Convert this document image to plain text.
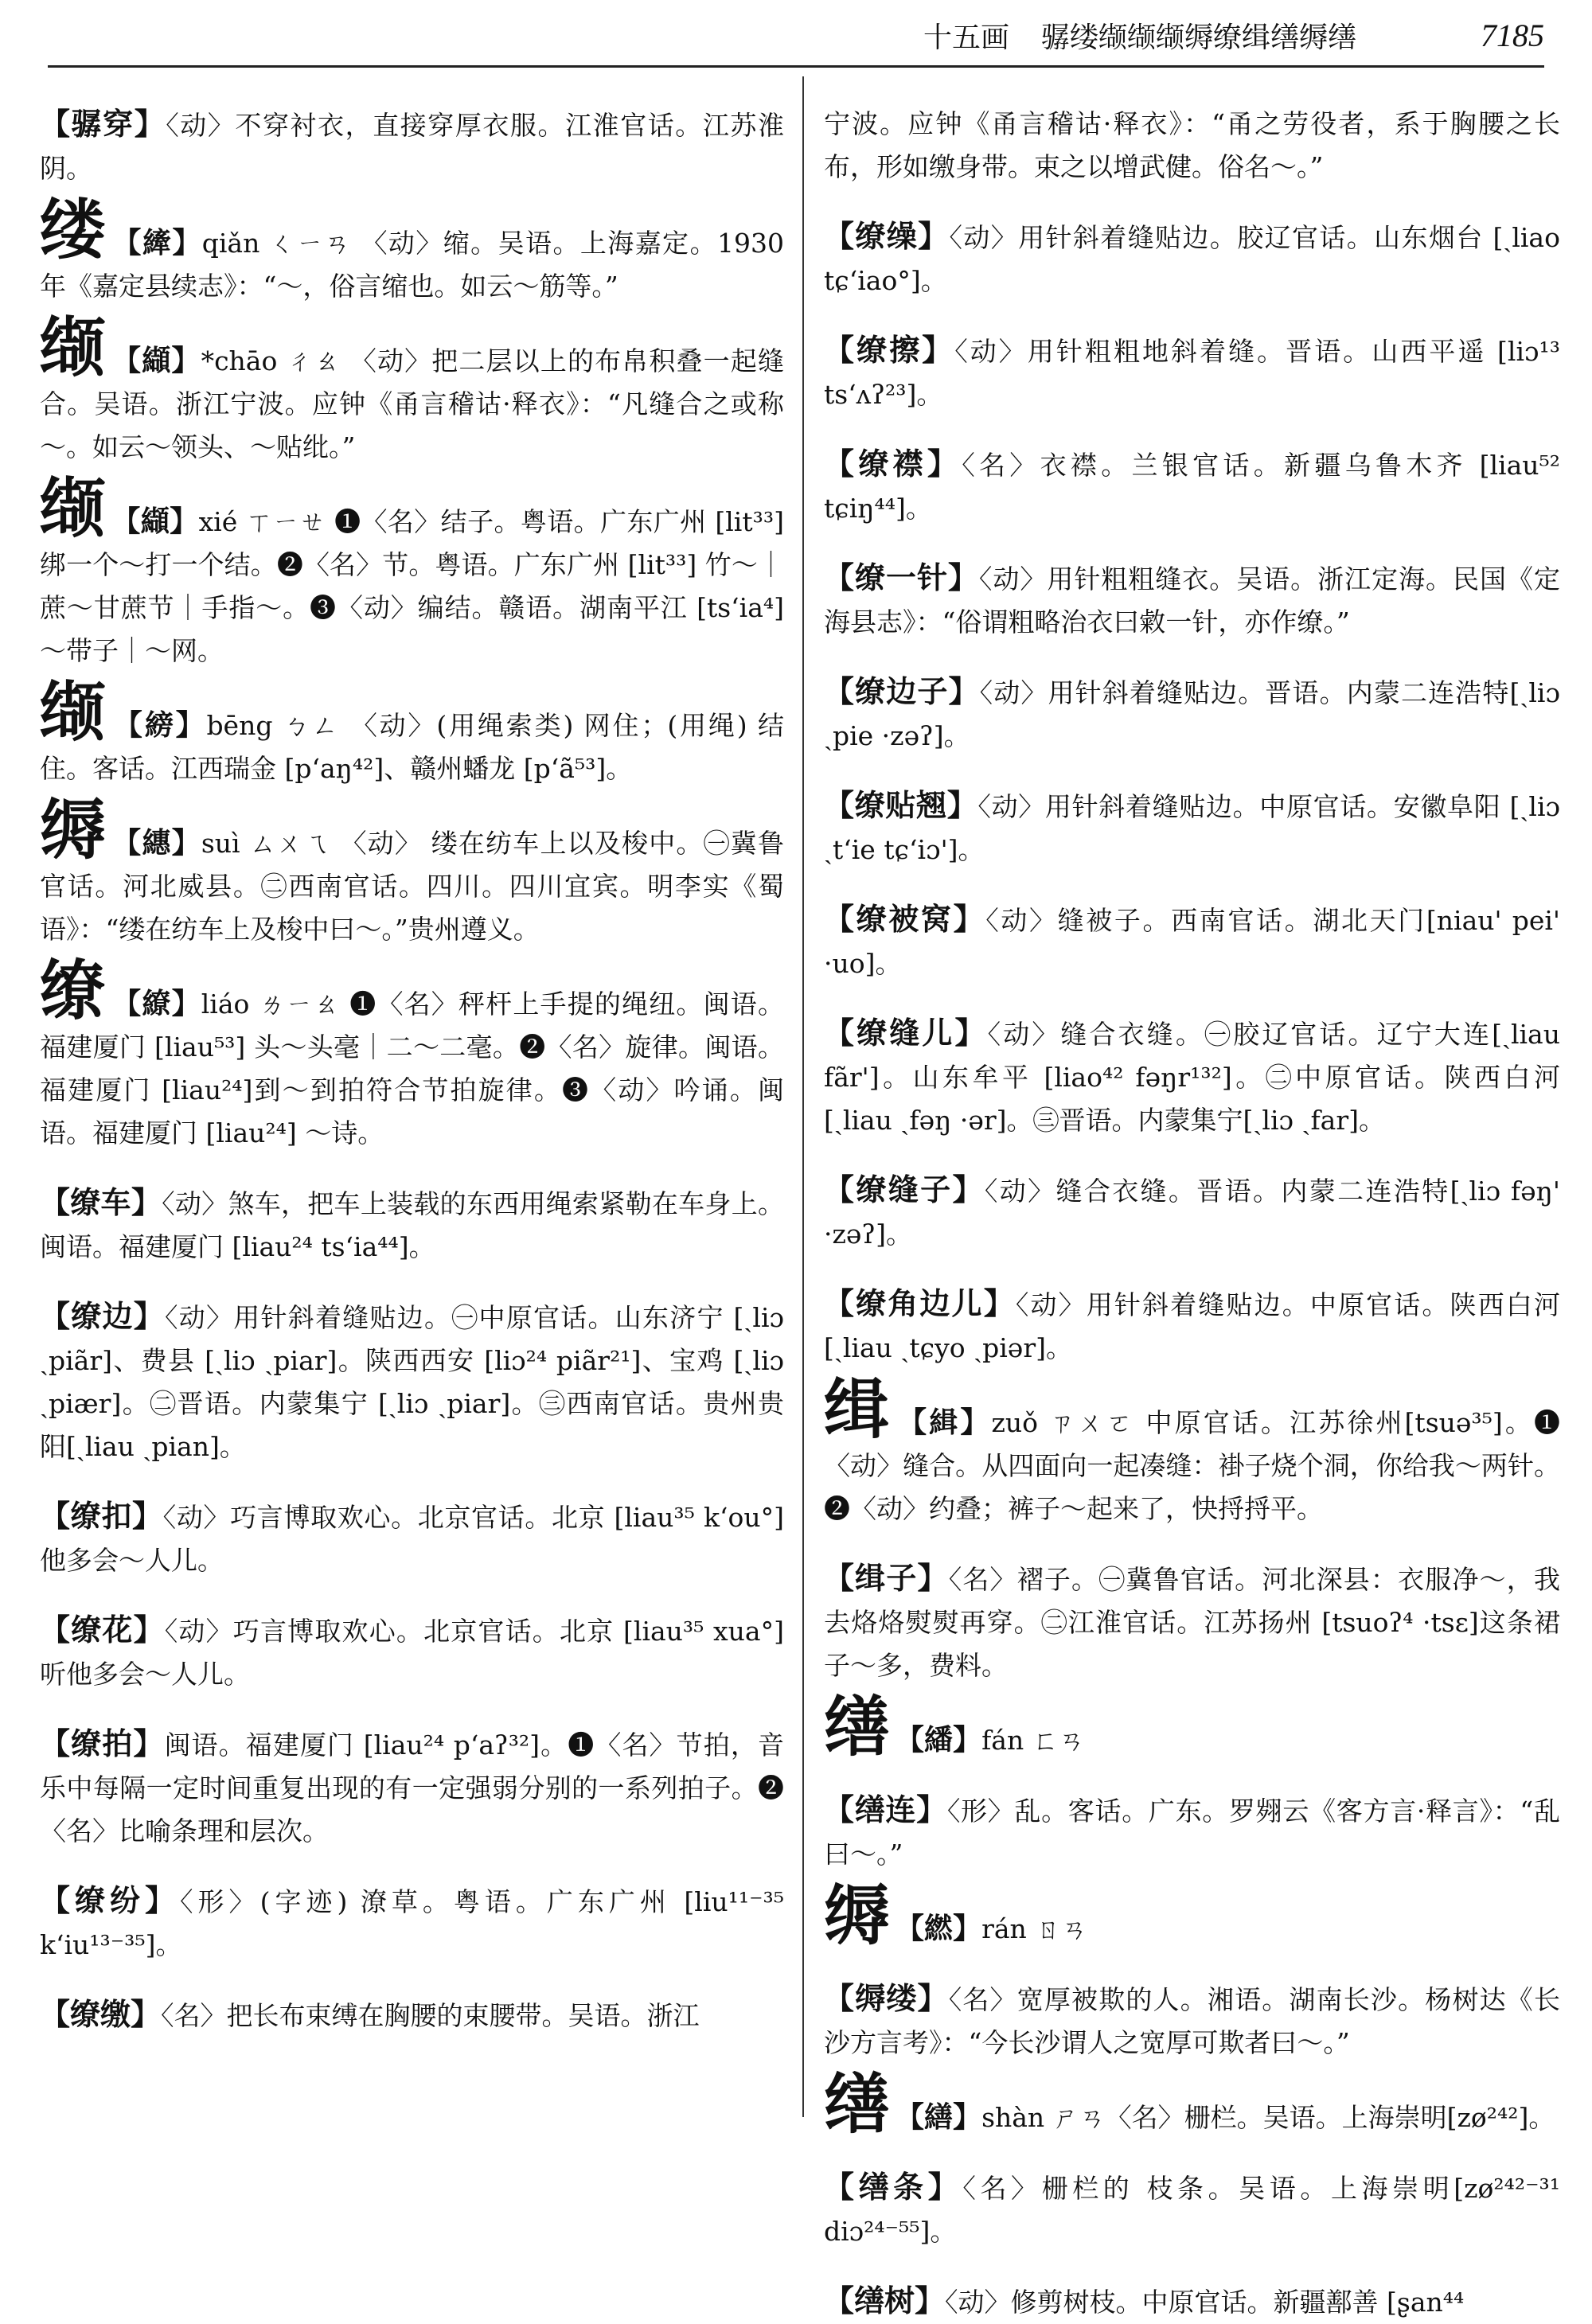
十五画 骣缕缬缬缬缛缭缉缮缛缮	7185

【骣穿】〈动〉不穿衬衣，直接穿厚衣服。江淮官话。江苏淮阴。

缕 【縴】qiǎn ㄑㄧㄢ 〈动〉缩。吴语。上海嘉定。1930年《嘉定县续志》：“～，俗言缩也。如云～筋等。”

缬 【纈】*chāo ㄔㄠ 〈动〉把二层以上的布帛积叠一起缝合。吴语。浙江宁波。应钟《甬言稽诂·释衣》：“凡缝合之或称～。如云～领头、～贴纰。”

缬 【纈】xié ㄒㄧㄝ ❶〈名〉结子。粤语。广东广州 [lit³³] 绑一个～打一个结。❷〈名〉节。粤语。广东广州 [lit³³] 竹～｜蔗～甘蔗节｜手指～。❸〈动〉编结。赣语。湖南平江 [tsʻia⁴] ～带子｜～网。

缬 【縍】bēng ㄅㄥ 〈动〉(用绳索类) 网住；(用绳) 结住。客话。江西瑞金 [pʻaŋ⁴²]、赣州蟠龙 [pʻã⁵³]。

缛 【繐】suì ㄙㄨㄟ 〈动〉 缕在纺车上以及梭中。㊀冀鲁官话。河北威县。㊁西南官话。四川。四川宜宾。明李实《蜀语》：“缕在纺车上及梭中曰～。”贵州遵义。

缭 【繚】liáo ㄌㄧㄠ ❶〈名〉秤杆上手提的绳纽。闽语。福建厦门 [liau⁵³] 头～头毫｜二～二毫。❷〈名〉旋律。闽语。福建厦门 [liau²⁴]到～到拍符合节拍旋律。❸〈动〉吟诵。闽语。福建厦门 [liau²⁴] ～诗。

【缭车】〈动〉煞车，把车上装载的东西用绳索紧勒在车身上。闽语。福建厦门 [liau²⁴ tsʻia⁴⁴]。

【缭边】〈动〉用针斜着缝贴边。㊀中原官话。山东济宁 [ˏliɔ ˏpiãr]、费县 [ˏliɔ ˏpiar]。陕西西安 [liɔ²⁴ piãr²¹]、宝鸡 [ˏliɔ ˏpiær]。㊁晋语。内蒙集宁 [ˏliɔ ˏpiar]。㊂西南官话。贵州贵阳[ˏliau ˏpian]。

【缭扣】〈动〉巧言博取欢心。北京官话。北京 [liau³⁵ kʻou°] 他多会～人儿。

【缭花】〈动〉巧言博取欢心。北京官话。北京 [liau³⁵ xua°] 听他多会～人儿。

【缭拍】闽语。福建厦门 [liau²⁴ pʻaʔ³²]。❶〈名〉节拍，音乐中每隔一定时间重复出现的有一定强弱分别的一系列拍子。❷〈名〉比喻条理和层次。

【缭纷】〈形〉(字迹) 潦草。粤语。广东广州 [liu¹¹⁻³⁵ kʻiu¹³⁻³⁵]。

【缭缴】〈名〉把长布束缚在胸腰的束腰带。吴语。浙江

宁波。应钟《甬言稽诂·释衣》：“甬之劳役者，系于胸腰之长布，形如缴身带。束之以增武健。俗名～。”

【缭缲】〈动〉用针斜着缝贴边。胶辽官话。山东烟台 [ˏliao tɕʻiao°]。

【缭擦】〈动〉用针粗粗地斜着缝。晋语。山西平遥 [liɔ¹³ tsʻʌʔ²³]。

【缭襟】〈名〉衣襟。兰银官话。新疆乌鲁木齐 [liau⁵² tɕiŋ⁴⁴]。

【缭一针】〈动〉用针粗粗缝衣。吴语。浙江定海。民国《定海县志》：“俗谓粗略治衣曰敹一针，亦作缭。”

【缭边子】〈动〉用针斜着缝贴边。晋语。内蒙二连浩特[ˏliɔ ˏpie ·zəʔ]。

【缭贴翘】〈动〉用针斜着缝贴边。中原官话。安徽阜阳 [ˏliɔ ˏtʻie tɕʻiɔ']。

【缭被窝】〈动〉缝被子。西南官话。湖北天门[niau' pei' ·uo]。

【缭缝儿】〈动〉缝合衣缝。㊀胶辽官话。辽宁大连[ˏliau fãr']。山东牟平 [liao⁴² fəŋr¹³²]。㊁中原官话。陕西白河[ˏliau ˏfəŋ ·ər]。㊂晋语。内蒙集宁[ˏliɔ ˏfar]。

【缭缝子】〈动〉缝合衣缝。晋语。内蒙二连浩特[ˏliɔ fəŋ' ·zəʔ]。

【缭角边儿】〈动〉用针斜着缝贴边。中原官话。陕西白河[ˏliau ˏtɕyo ˏpiər]。

缉 【緝】zuǒ ㄗㄨㄛ 中原官话。江苏徐州[tsuə³⁵]。❶〈动〉缝合。从四面向一起凑缝：褂子烧个洞，你给我～两针。❷〈动〉约叠；裤子～起来了，快捋捋平。

【缉子】〈名〉褶子。㊀冀鲁官话。河北深县：衣服净～，我去烙烙熨熨再穿。㊁江淮官话。江苏扬州 [tsuoʔ⁴ ·tsɛ]这条裙子～多，费料。

缮 【繙】fán ㄈㄢ

【缮连】〈形〉乱。客话。广东。罗翙云《客方言·释言》：“乱曰～。”

缛 【繎】rán ㄖㄢ

【缛缕】〈名〉宽厚被欺的人。湘语。湖南长沙。杨树达《长沙方言考》：“今长沙谓人之宽厚可欺者曰～。”

缮 【繕】shàn ㄕㄢ〈名〉栅栏。吴语。上海崇明[zø²⁴²]。

【缮条】〈名〉栅栏的 枝条。吴语。上海崇明[zø²⁴²⁻³¹ diɔ²⁴⁻⁵⁵]。

【缮树】〈动〉修剪树枝。中原官话。新疆鄯善 [ʂan⁴⁴
